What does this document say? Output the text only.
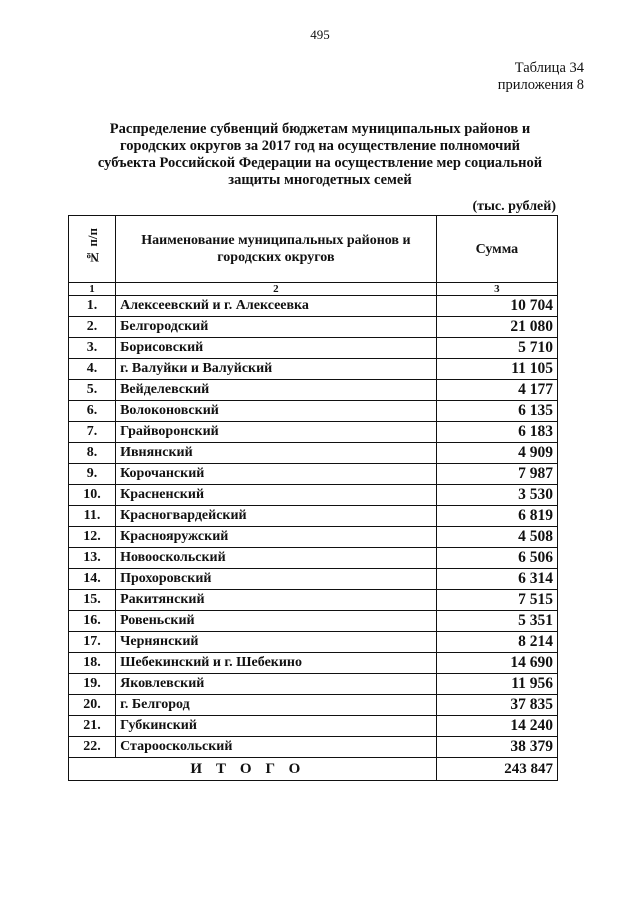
495
Таблица 34
приложения 8
Распределение субвенций бюджетам муниципальных районов и
городских округов за 2017 год на осуществление полномочий
субъекта Российской Федерации на осуществление мер социальной
защиты многодетных семей
(тыс. рублей)
№ п/п	Наименование муниципальных районов и
городских округов	Сумма
1	2	3
1.	Алексеевский и г. Алексеевка	10 704
2.	Белгородский	21 080
3.	Борисовский	5 710
4.	г. Валуйки и Валуйский	11 105
5.	Вейделевский	4 177
6.	Волоконовский	6 135
7.	Грайворонский	6 183
8.	Ивнянский	4 909
9.	Корочанский	7 987
10.	Красненский	3 530
11.	Красногвардейский	6 819
12.	Краснояружский	4 508
13.	Новооскольский	6 506
14.	Прохоровский	6 314
15.	Ракитянский	7 515
16.	Ровеньский	5 351
17.	Чернянский	8 214
18.	Шебекинский и г. Шебекино	14 690
19.	Яковлевский	11 956
20.	г. Белгород	37 835
21.	Губкинский	14 240
22.	Старооскольский	38 379
ИТОГО		243 847
